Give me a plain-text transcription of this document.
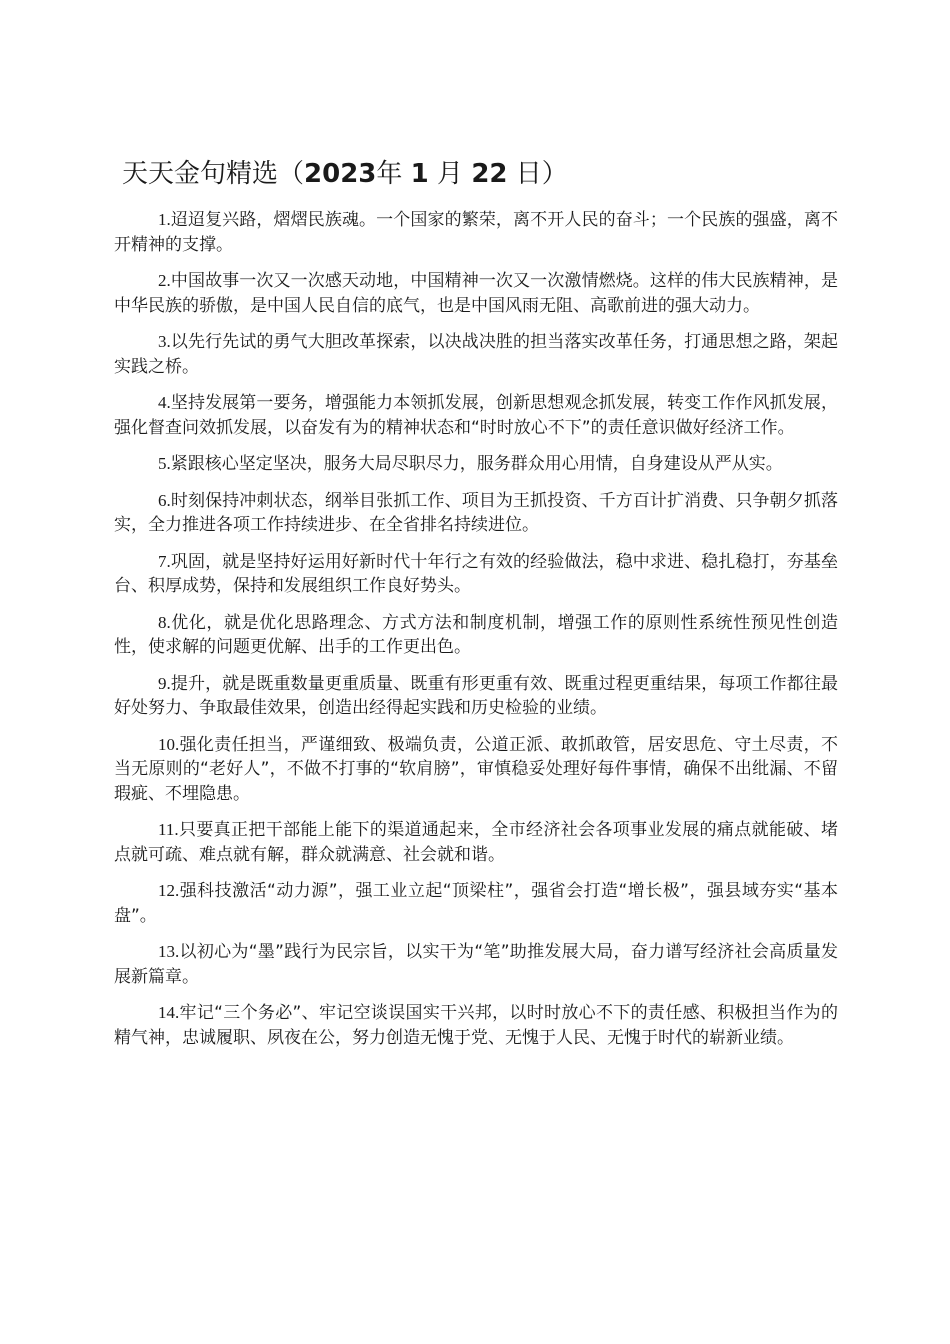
天天金句精选（2023年 1 月 22 日）

1.迢迢复兴路，熠熠民族魂。一个国家的繁荣，离不开人民的奋斗；一个民族的强盛，离不开精神的支撑。

2.中国故事一次又一次感天动地，中国精神一次又一次激情燃烧。这样的伟大民族精神，是中华民族的骄傲，是中国人民自信的底气，也是中国风雨无阻、高歌前进的强大动力。

3.以先行先试的勇气大胆改革探索，以决战决胜的担当落实改革任务，打通思想之路，架起实践之桥。

4.坚持发展第一要务，增强能力本领抓发展，创新思想观念抓发展，转变工作作风抓发展，强化督查问效抓发展，以奋发有为的精神状态和“时时放心不下”的责任意识做好经济工作。

5.紧跟核心坚定坚决，服务大局尽职尽力，服务群众用心用情，自身建设从严从实。

6.时刻保持冲刺状态，纲举目张抓工作、项目为王抓投资、千方百计扩消费、只争朝夕抓落实，全力推进各项工作持续进步、在全省排名持续进位。

7.巩固，就是坚持好运用好新时代十年行之有效的经验做法，稳中求进、稳扎稳打，夯基垒台、积厚成势，保持和发展组织工作良好势头。

8.优化，就是优化思路理念、方式方法和制度机制，增强工作的原则性系统性预见性创造性，使求解的问题更优解、出手的工作更出色。

9.提升，就是既重数量更重质量、既重有形更重有效、既重过程更重结果，每项工作都往最好处努力、争取最佳效果，创造出经得起实践和历史检验的业绩。

10.强化责任担当，严谨细致、极端负责，公道正派、敢抓敢管，居安思危、守土尽责，不当无原则的“老好人”，不做不打事的“软肩膀”，审慎稳妥处理好每件事情，确保不出纰漏、不留瑕疵、不埋隐患。

11.只要真正把干部能上能下的渠道通起来，全市经济社会各项事业发展的痛点就能破、堵点就可疏、难点就有解，群众就满意、社会就和谐。

12.强科技激活“动力源”，强工业立起“顶梁柱”，强省会打造“增长极”，强县域夯实“基本盘”。

13.以初心为“墨”践行为民宗旨，以实干为“笔”助推发展大局，奋力谱写经济社会高质量发展新篇章。

14.牢记“三个务必”、牢记空谈误国实干兴邦，以时时放心不下的责任感、积极担当作为的精气神，忠诚履职、夙夜在公，努力创造无愧于党、无愧于人民、无愧于时代的崭新业绩。
